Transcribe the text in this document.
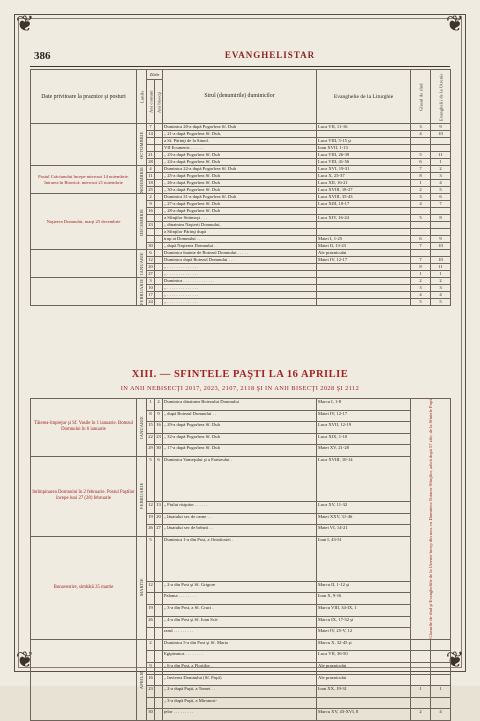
❦	❦
❦	❦
386	EVANGHELISTAR
Date privitoare la praznice şi posturi	Lunile	Zilele		Sirul (denumirile) duminicilor	Evanghelie de la Liturghie	Glasul de rînd	Evanghelii de la Utrenie
		Ani comuni	Ani bisecţi				
	OCTOMBRIE	7		Duminica 20-a după Pogorîrea Sf. Duh	Luca VII, 11-16	3	9
		14		„ 21-a după Pogorîrea Sf. Duh,		4	10
				a Sf. Părinţi de la Sinod.	Luca VIII, 5-15 şi		
				VII Ecumenic . . . . . .	Ioan XVII, 1-13		
		21		„ 23-a după Pogorîrea Sf. Duh	Luca VIII, 26-39	5	11
		28		„ 24-a după Pogorîrea Sf. Duh	Luca VIII, 41-56	6	1
Postul Crăciunului începe miercuri 14 noiembrie. Intrarea în Biserică, miercuri 21 noiembrie	NOIEMBRIE	4		Duminica 22-a după Pogorîrea Sf. Duh	Luca XVI, 19-31	7	2
		11		„ 25-a după Pogorîrea Sf. Duh	Luca X, 25-37	8	3
		18		„ 26-a după Pogorîrea Sf. Duh	Luca XII, 16-21	1	4
		25		„ 30-a după Pogorîrea Sf. Duh	Luca XVIII, 18-27	2	5
Naşterea Domnului, marţi 25 decembrie	DECEMBRIE	2		Duminica 31-a după Pogorîrea Sf. Duh	Luca XVIII, 35-43	3	6
		9		„ 27-a după Pogorîrea Sf. Duh	Luca XIII, 10-17	4	7
		16		„ 28-a după Pogorîrea Sf. Duh			
				a Sfinţilor Strămoşi . . .	Luca XIV, 16-24	5	8
		23		„ dinaintea Naşterii Domnului,			
				a Sfinţilor Părinţi după			
				trup ai Domnului . . . .	Matei I, 1-25	6	9
		30		„ după Naşterea Domnului . .	Matei II, 13-23	7	10
	IANUARIE	6		Duminica înainte de Botezul Domnului . . . . .	Ale praznicului		
		12		Duminica după Botezul Domnului . . .	Matei IV, 12-17	7	10
		20		„ . . . . . . . . . . . . . .		8	11
		27		„ . . . . . . . . . . . . . .		1	1
	FEBRUARIE	3		Duminica . . . . . . . . . . . . . .		2	2
		10		„ . . . . . . . . . . . . . .		3	3
		17		„ . . . . . . . . . . . . . .		4	4
		24		„ . . . . . . . . . . . . . .		5	5
XIII. — SFINTELE PAŞTI LA 16 APRILIE
IN ANII NEBISECŢI 2017, 2023, 2107, 2118 ŞI IN ANII BISECŢI 2028 ŞI 2112
Tăierea-împrejur şi Sf. Vasile în 1 ianuarie. Botezul Domnului în 6 ianuarie	IANUARIE	1	2	Duminica dinaintea Botezului Domnului	Marcu I, 1-8	Glasurile de rînd şi Evangheliile de la Utrenie încep din nou, cu Duminica Tuturor Sfinţilor, adică după 57 zile, de la Sfintele Paşti	
		8	9	„ după Botezul Domnului . .	Matei IV, 12-17		
		15	16	„ 29-a după Pogorîrea Sf. Duh	Luca XVII, 12-19		
		22	23	„ 32-a după Pogorîrea Sf. Duh	Luca XIX, 1-10		
		29	30	„ 17-a după Pogorîrea Sf. Duh	Matei XV, 21-28		
Intîmpinarea Domnului în 2 februarie. Postul Paştilor începe luni 27 (28) februarie	FEBRUARIE	5	6	Duminica Vameşului şi a Fariseului .	Luca XVIII, 10-14		
		12	13	„ Fiului risipitor . . . . . .	Luca XV, 11-32		
		19	20	„ lăsatului sec de carne . .	Matei XXV, 31-46		
		26	27	„ lăsatului sec de brînză . .	Matei VI, 14-21		
Bunavestire, simbătă 25 martie	MARTIE	5		Duminica 1-a din Post, a Ortodoxiei .	Ioan I, 43-51		
		12		„ 2-a din Post şi Sf. Grigore	Marcu II, 1-12 şi		
				Palama . . . . . . . .	Ioan X, 9-16		
		19		„ 3-a din Post, a Sf. Cruci .	Marcu VIII, 34-IX, 1		
		26		„ 4-a din Post şi Sf. Ioan Scă-	Marcu IX, 17-32 şi		
				rarul . . . . . . . . .	Matei IV, 25-V, 12		
	APRILIE	2		Duminica 5-a din Post şi Sf. Maria	Marcu X, 32-45 şi		
				Egipteanca . . . . . . . .	Luca VII, 36-50		
		9		„ 6-a din Post, a Floriilor .	Ale praznicului		
		16		„ Invierea Domnului (Sf. Paşti)	Ale praznicului		
		23		„ 2-a după Paşti, a Tomei . .	Ioan XX, 19-31	1	1
				„ 3-a după Paşti, a Mironosi-			
		30		ţelor . . . . . . . . .	Marcu XV, 43-XVI, 8	2	4
